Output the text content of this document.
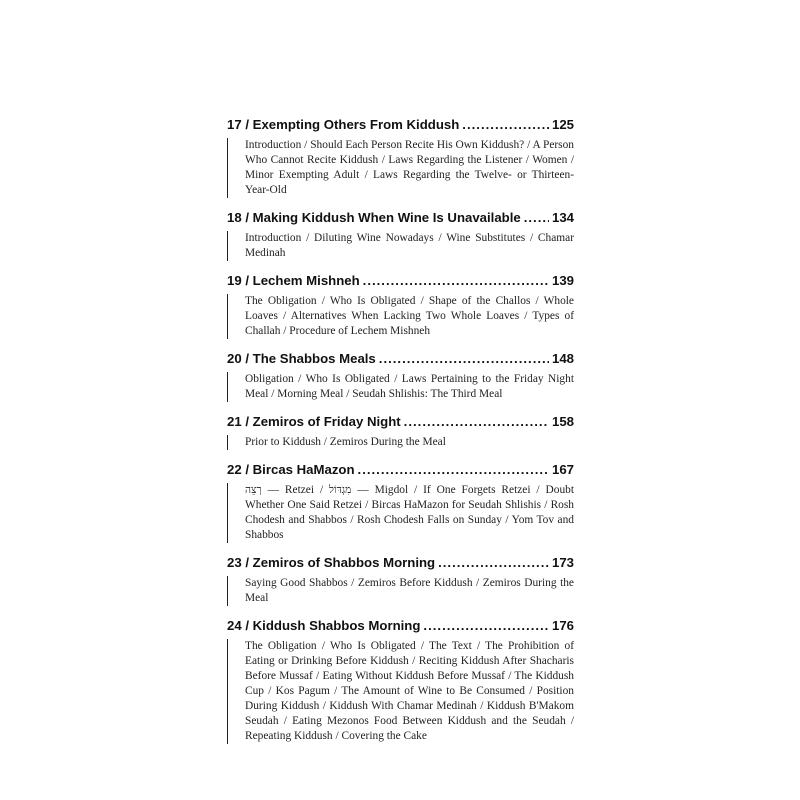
17 / Exempting Others From Kiddush .....	125
Introduction / Should Each Person Recite His Own Kiddush? / A Person Who Cannot Recite Kiddush / Laws Regarding the Listener / Women / Minor Exempting Adult / Laws Regarding the Twelve- or Thirteen-Year-Old
18 / Making Kiddush When Wine Is Unavailable ..... 134
Introduction / Diluting Wine Nowadays / Wine Substitutes / Chamar Medinah
19 / Lechem Mishneh .....	139
The Obligation / Who Is Obligated / Shape of the Challos / Whole Loaves / Alternatives When Lacking Two Whole Loaves / Types of Challah / Procedure of Lechem Mishneh
20 / The Shabbos Meals .....	148
Obligation / Who Is Obligated / Laws Pertaining to the Friday Night Meal / Morning Meal / Seudah Shlishis: The Third Meal
21 / Zemiros of Friday Night .....	158
Prior to Kiddush / Zemiros During the Meal
22 / Bircas HaMazon .....	167
רְצֵה — Retzei / מִגְדּוֹל — Migdol / If One Forgets Retzei / Doubt Whether One Said Retzei / Bircas HaMazon for Seudah Shlishis / Rosh Chodesh and Shabbos / Rosh Chodesh Falls on Sunday / Yom Tov and Shabbos
23 / Zemiros of Shabbos Morning .....	173
Saying Good Shabbos / Zemiros Before Kiddush / Zemiros During the Meal
24 / Kiddush Shabbos Morning .....	176
The Obligation / Who Is Obligated / The Text / The Prohibition of Eating or Drinking Before Kiddush / Reciting Kiddush After Shacharis Before Mussaf / Eating Without Kiddush Before Mussaf / The Kiddush Cup / Kos Pagum / The Amount of Wine to Be Consumed / Position During Kiddush / Kiddush With Chamar Medinah / Kiddush B'Makom Seudah / Eating Mezonos Food Between Kiddush and the Seudah / Repeating Kiddush / Covering the Cake
